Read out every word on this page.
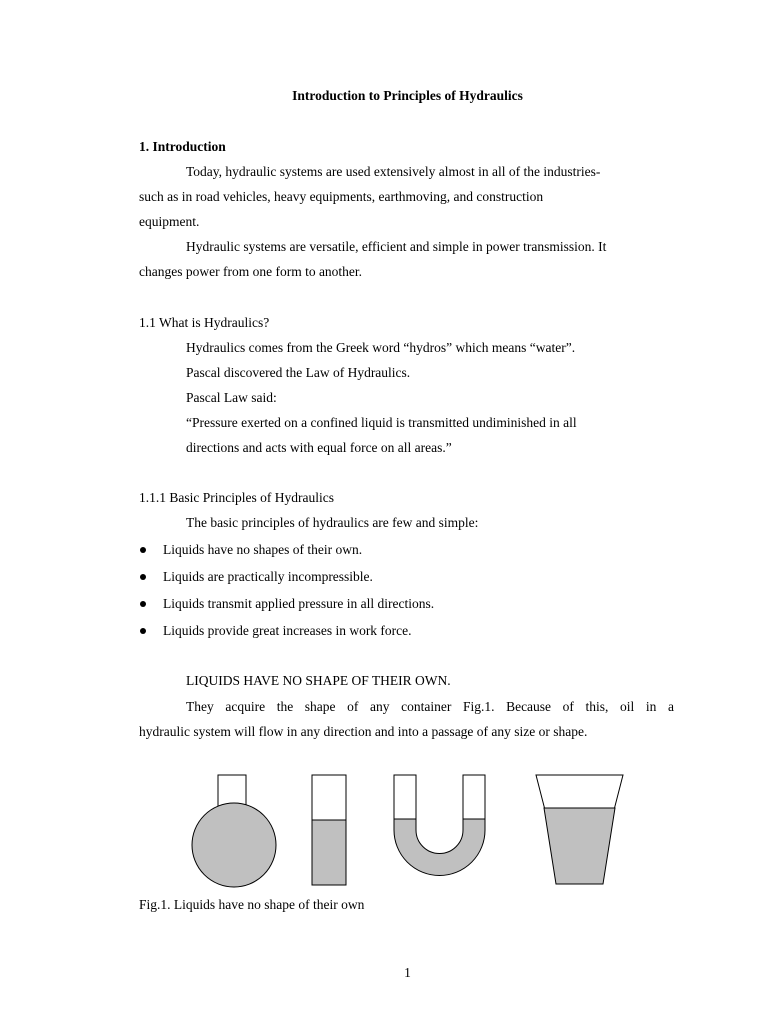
Introduction to Principles of Hydraulics
1. Introduction
Today, hydraulic systems are used extensively almost in all of the industries-
such as in road vehicles, heavy equipments, earthmoving, and construction
equipment.
Hydraulic systems are versatile, efficient and simple in power transmission. It
changes power from one form to another.
1.1 What is Hydraulics?
Hydraulics comes from the Greek word “hydros” which means “water”.
Pascal discovered the Law of Hydraulics.
Pascal Law said:
“Pressure exerted on a confined liquid is transmitted undiminished in all
directions and acts with equal force on all areas.”
1.1.1 Basic Principles of Hydraulics
The basic principles of hydraulics are few and simple:
Liquids have no shapes of their own.
Liquids are practically incompressible.
Liquids transmit applied pressure in all directions.
Liquids provide great increases in work force.
LIQUIDS HAVE NO SHAPE OF THEIR OWN.
They acquire the shape of any container Fig.1. Because of this, oil in a
hydraulic system will flow in any direction and into a passage of any size or shape.
Fig.1. Liquids have no shape of their own
1
